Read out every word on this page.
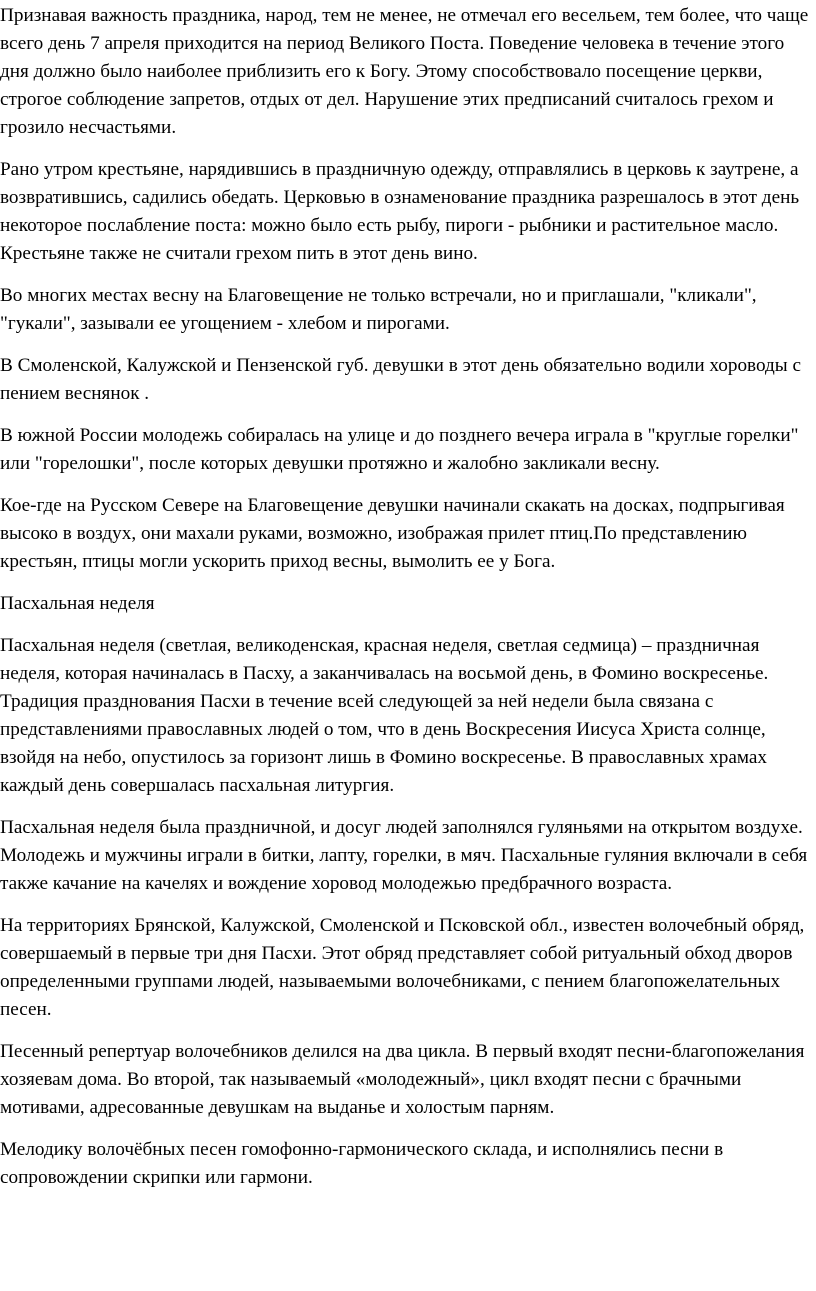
Признавая важность праздника, народ, тем не менее, не отмечал его весельем, тем более, что чаще всего день 7 апреля приходится на период Великого Поста. Поведение человека в течение этого дня должно было наиболее приблизить его к Богу. Этому способствовало посещение церкви, строгое соблюдение запретов, отдых от дел. Нарушение этих предписаний считалось грехом и грозило несчастьями.

Рано утром крестьяне, нарядившись в праздничную одежду, отправлялись в церковь к заутрене, а возвратившись, садились обедать. Церковью в ознаменование праздника разрешалось в этот день некоторое послабление поста: можно было есть рыбу, пироги - рыбники и растительное масло. Крестьяне также не считали грехом пить в этот день вино.

Во многих местах весну на Благовещение не только встречали, но и приглашали, "кликали", "гукали", зазывали ее угощением - хлебом и пирогами.

В Смоленской, Калужской и Пензенской губ. девушки в этот день обязательно водили хороводы с пением веснянок .

В южной России молодежь собиралась на улице и до позднего вечера играла в "круглые горелки" или "горелошки", после которых девушки протяжно и жалобно закликали весну.

Кое-где на Русском Севере на Благовещение девушки начинали скакать на досках, подпрыгивая высоко в воздух, они махали руками, возможно, изображая прилет птиц.По представлению крестьян, птицы могли ускорить приход весны, вымолить ее у Бога.

Пасхальная неделя

Пасхальная неделя (светлая, великоденская, красная неделя, светлая седмица) – праздничная неделя, которая начиналась в Пасху, а заканчивалась на восьмой день, в Фомино воскресенье. Традиция празднования Пасхи в течение всей следующей за ней недели была связана с представлениями православных людей о том, что в день Воскресения Иисуса Христа солнце, взойдя на небо, опустилось за горизонт лишь в Фомино воскресенье. В православных храмах каждый день совершалась пасхальная литургия.

Пасхальная неделя была праздничной, и досуг людей заполнялся гуляньями на открытом воздухе. Молодежь и мужчины играли в битки, лапту, горелки, в мяч. Пасхальные гуляния включали в себя также качание на качелях и вождение хоровод молодежью предбрачного возраста.

На территориях Брянской, Калужской, Смоленской и Псковской обл., известен волочебный обряд, совершаемый в первые три дня Пасхи. Этот обряд представляет собой ритуальный обход дворов определенными группами людей, называемыми волочебниками, с пением благопожелательных песен.

Песенный репертуар волочебников делился на два цикла. В первый входят песни-благопожелания хозяевам дома. Во второй, так называемый «молодежный», цикл входят песни с брачными мотивами, адресованные девушкам на выданье и холостым парням.

Мелодику волочёбных песен гомофонно-гармонического склада, и исполнялись песни в сопровождении скрипки или гармони.
